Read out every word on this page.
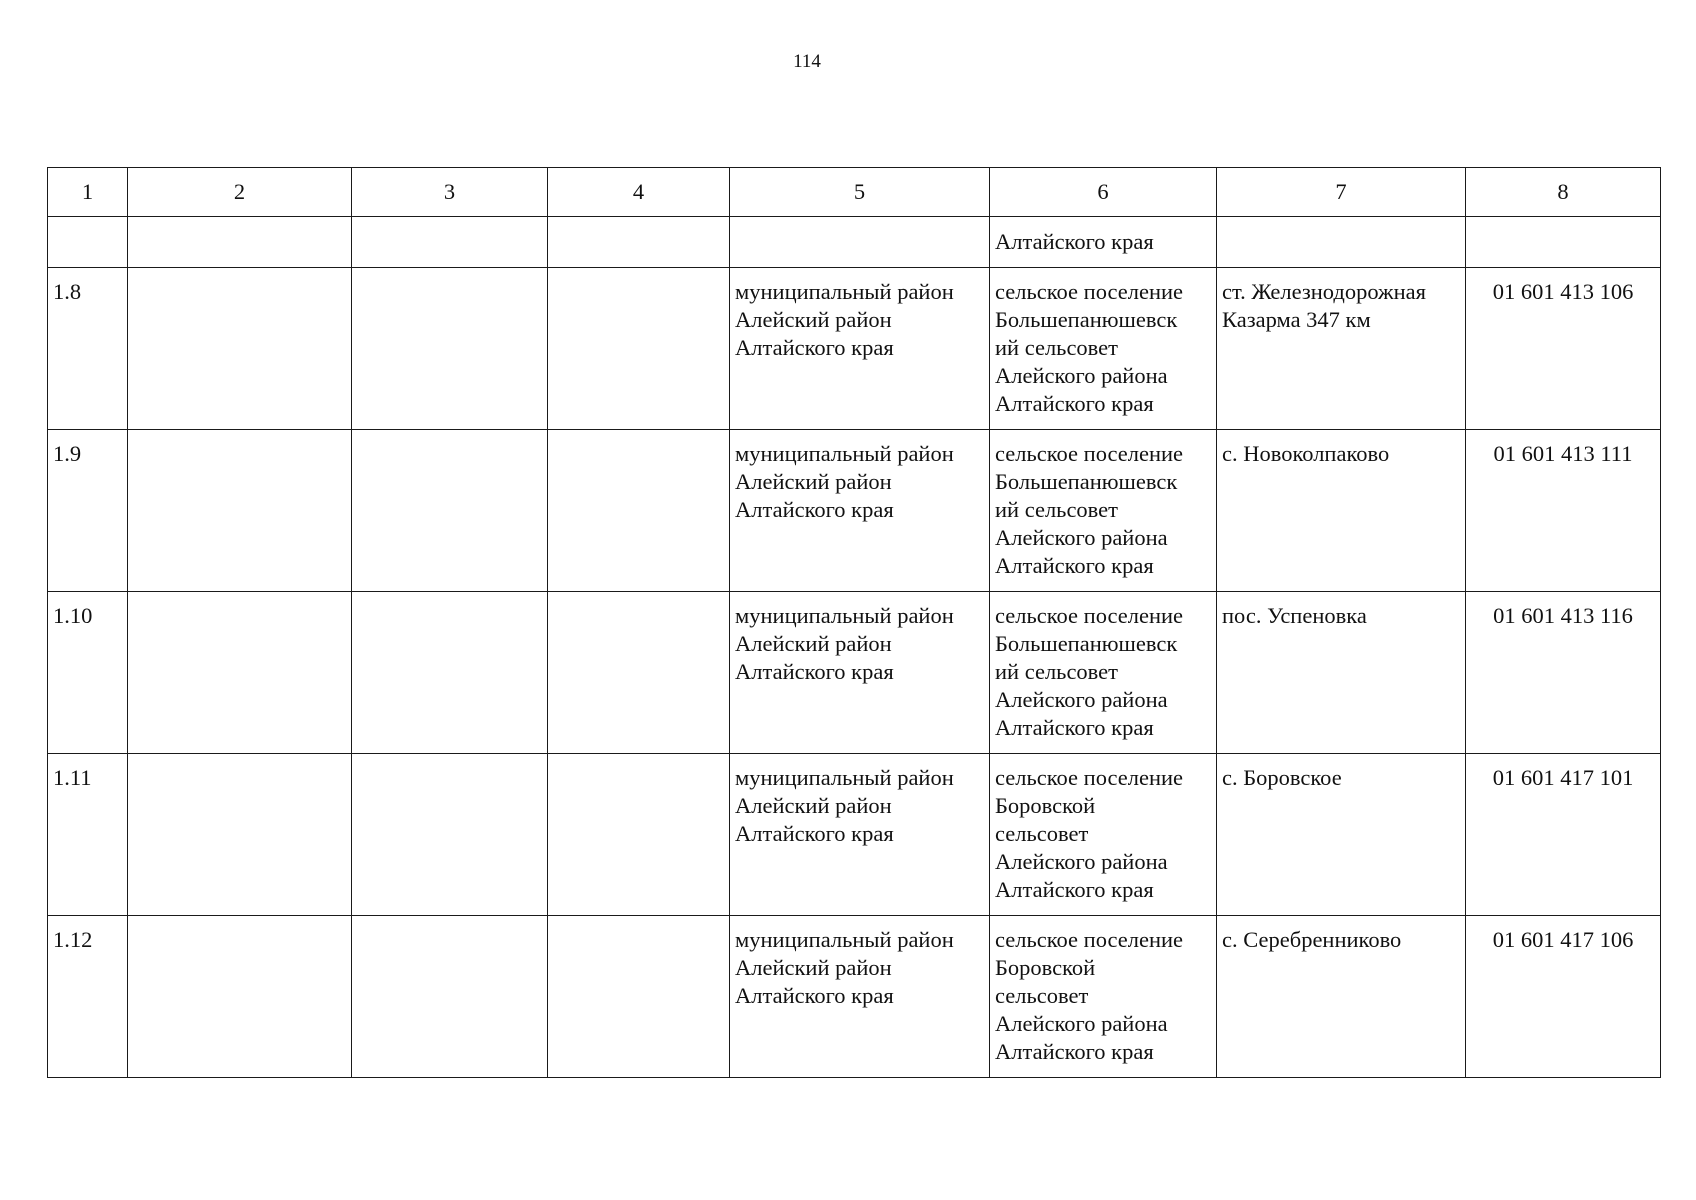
114
1	2	3	4	5	6	7	8
					Алтайского края		
1.8				муниципальный район
Алейский район
Алтайского края	сельское поселение
Большепанюшевск
ий сельсовет
Алейского района
Алтайского края	ст. Железнодорожная
Казарма 347 км	01 601 413 106
1.9				муниципальный район
Алейский район
Алтайского края	сельское поселение
Большепанюшевск
ий сельсовет
Алейского района
Алтайского края	с. Новоколпаково	01 601 413 111
1.10				муниципальный район
Алейский район
Алтайского края	сельское поселение
Большепанюшевск
ий сельсовет
Алейского района
Алтайского края	пос. Успеновка	01 601 413 116
1.11				муниципальный район
Алейский район
Алтайского края	сельское поселение
Боровской
сельсовет
Алейского района
Алтайского края	с. Боровское	01 601 417 101
1.12				муниципальный район
Алейский район
Алтайского края	сельское поселение
Боровской
сельсовет
Алейского района
Алтайского края	с. Серебренниково	01 601 417 106
